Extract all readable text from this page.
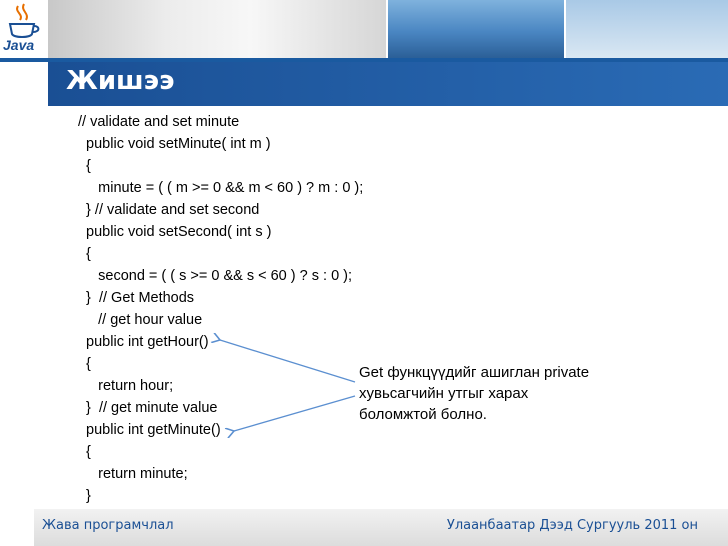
Java
Жишээ
// validate and set minute
public void setMinute( int m )
{
minute = ( ( m >= 0 && m < 60 ) ? m : 0 );
} // validate and set second
public void setSecond( int s )
{
second = ( ( s >= 0 && s < 60 ) ? s : 0 );
}  // Get Methods
// get hour value
public int getHour()
{
return hour;
}  // get minute value
public int getMinute()
{
return minute;
}
Get функцүүдийг ашиглан private
хувьсагчийн утгыг харах
боломжтой болно.
Жава програмчлал	Улаанбаатар Дээд Сургууль 2011 он
